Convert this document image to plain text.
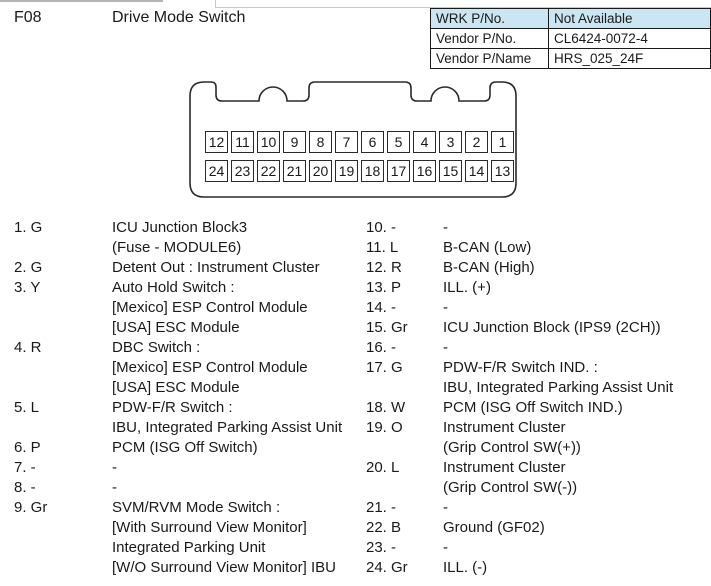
F08	Drive Mode Switch	WRK P/No.	Not Available
Vendor P/No.	CL6424-0072-4
Vendor P/Name	HRS_025_24F
12 11 10	9	8	7	6	5	4	3	2	1
24 23 22 21 20 19 18 17 16 15 14 13
1. G	ICU Junction Block3
(Fuse - MODULE6)
2. G	Detent Out : Instrument Cluster
3. Y	Auto Hold Switch :
[Mexico] ESP Control Module
[USA] ESC Module
4. R	DBC Switch :
[Mexico] ESP Control Module
[USA] ESC Module
5. L	PDW-F/R Switch :
IBU, Integrated Parking Assist Unit
6. P	PCM (ISG Off Switch)
7. -	-
8. -	-
9. Gr	SVM/RVM Mode Switch :
[With Surround View Monitor]
Integrated Parking Unit
[W/O Surround View Monitor] IBU
10. -	-
11. L	B-CAN (Low)
12. R	B-CAN (High)
13. P	ILL. (+)
14. -	-
15. Gr	ICU Junction Block (IPS9 (2CH))
16. -	-
17. G	PDW-F/R Switch IND. :
IBU, Integrated Parking Assist Unit
18. W	PCM (ISG Off Switch IND.)
19. O	Instrument Cluster
(Grip Control SW(+))
20. L	Instrument Cluster
(Grip Control SW(-))
21. -	-
22. B	Ground (GF02)
23. -	-
24. Gr	ILL. (-)
